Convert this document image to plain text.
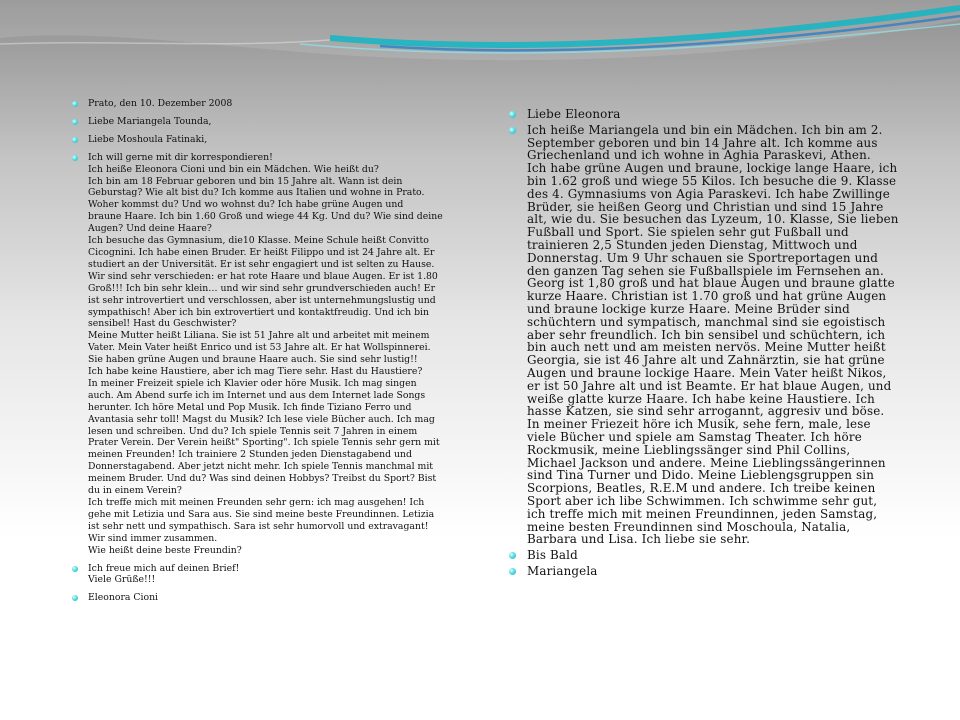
Prato, den 10. Dezember 2008
Liebe Mariangela Tounda,
Liebe Moshoula Fatinaki,
Ich will gerne mit dir korrespondieren!
Ich heiße Eleonora Cioni und bin ein Mädchen. Wie heißt du?
Ich bin am 18 Februar geboren und bin 15 Jahre alt. Wann ist dein
Geburstag? Wie alt bist du? Ich komme aus Italien und wohne in Prato.
Woher kommst du? Und wo wohnst du? Ich habe grüne Augen und
braune Haare. Ich bin 1.60 Groß und wiege 44 Kg. Und du? Wie sind deine
Augen? Und deine Haare?
Ich besuche das Gymnasium, die10 Klasse. Meine Schule heißt Convitto
Cicognini. Ich habe einen Bruder. Er heißt Filippo und ist 24 Jahre alt. Er
studiert an der Universität. Er ist sehr engagiert und ist selten zu Hause.
Wir sind sehr verschieden: er hat rote Haare und blaue Augen. Er ist 1.80
Groß!!! Ich bin sehr klein… und wir sind sehr grundverschieden auch! Er
ist sehr introvertiert und verschlossen, aber ist unternehmungslustig und
sympathisch! Aber ich bin extrovertiert und kontaktfreudig. Und ich bin
sensibel! Hast du Geschwister?
Meine Mutter heißt Liliana. Sie ist 51 Jahre alt und arbeitet mit meinem
Vater. Mein Vater heißt Enrico und ist 53 Jahre alt. Er hat Wollspinnerei.
Sie haben grüne Augen und braune Haare auch. Sie sind sehr lustig!!
Ich habe keine Haustiere, aber ich mag Tiere sehr. Hast du Haustiere?
In meiner Freizeit spiele ich Klavier oder höre Musik. Ich mag singen
auch. Am Abend surfe ich im Internet und aus dem Internet lade Songs
herunter. Ich höre Metal und Pop Musik. Ich finde Tiziano Ferro und
Avantasia sehr toll! Magst du Musik? Ich lese viele Bücher auch. Ich mag
lesen und schreiben. Und du? Ich spiele Tennis seit 7 Jahren in einem
Prater Verein. Der Verein heißt" Sporting". Ich spiele Tennis sehr gern mit
meinen Freunden! Ich trainiere 2 Stunden jeden Dienstagabend und
Donnerstagabend. Aber jetzt nicht mehr. Ich spiele Tennis manchmal mit
meinem Bruder. Und du? Was sind deinen Hobbys? Treibst du Sport? Bist
du in einem Verein?
Ich treffe mich mit meinen Freunden sehr gern: ich mag ausgehen! Ich
gehe mit Letizia und Sara aus. Sie sind meine beste Freundinnen. Letizia
ist sehr nett und sympathisch. Sara ist sehr humorvoll und extravagant!
Wir sind immer zusammen.
Wie heißt deine beste Freundin?
Ich freue mich auf deinen Brief!
Viele Grüße!!!
Eleonora Cioni
Liebe Eleonora
Ich heiße Mariangela und bin ein Mädchen. Ich bin am 2.
September geboren und bin 14 Jahre alt. Ich komme aus
Griechenland und ich wohne in Aghia Paraskevi, Athen.
Ich habe grüne Augen und braune, lockige lange Haare, ich
bin 1.62 groß und wiege 55 Kilos. Ich besuche die 9. Klasse
des 4. Gymnasiums von Agia Paraskevi. Ich habe Zwillinge
Brüder, sie heißen Georg und Christian und sind 15 Jahre
alt, wie du. Sie besuchen das Lyzeum, 10. Klasse, Sie lieben
Fußball und Sport. Sie spielen sehr gut Fußball und
trainieren 2,5 Stunden jeden Dienstag, Mittwoch und
Donnerstag. Um 9 Uhr schauen sie Sportreportagen und
den ganzen Tag sehen sie Fußballspiele im Fernsehen an.
Georg ist 1,80 groß und hat blaue Augen und braune glatte
kurze Haare. Christian ist 1.70 groß und hat grüne Augen
und braune lockige kurze Haare. Meine Brüder sind
schüchtern und sympatisch, manchmal sind sie egoistisch
aber sehr freundlich. Ich bin sensibel und schüchtern, ich
bin auch nett und am meisten nervös. Meine Mutter heißt
Georgia, sie ist 46 Jahre alt und Zahnärztin, sie hat grüne
Augen und braune lockige Haare. Mein Vater heißt Nikos,
er ist 50 Jahre alt und ist Beamte. Er hat blaue Augen, und
weiße glatte kurze Haare. Ich habe keine Haustiere. Ich
hasse Katzen, sie sind sehr arrogannt, aggresiv und böse.
In meiner Friezeit höre ich Musik, sehe fern, male, lese
viele Bücher und spiele am Samstag Theater. Ich höre
Rockmusik, meine Lieblingssänger sind Phil Collins,
Michael Jackson und andere. Meine Lieblingssängerinnen
sind Tina Turner und Dido. Meine Lieblengsgruppen sin
Scorpions, Beatles, R.E.M und andere. Ich treibe keinen
Sport aber ich libe Schwimmen. Ich schwimme sehr gut,
ich treffe mich mit meinen Freundinnen, jeden Samstag,
meine besten Freundinnen sind Moschoula, Natalia,
Barbara und Lisa. Ich liebe sie sehr.
Bis Bald
Mariangela
